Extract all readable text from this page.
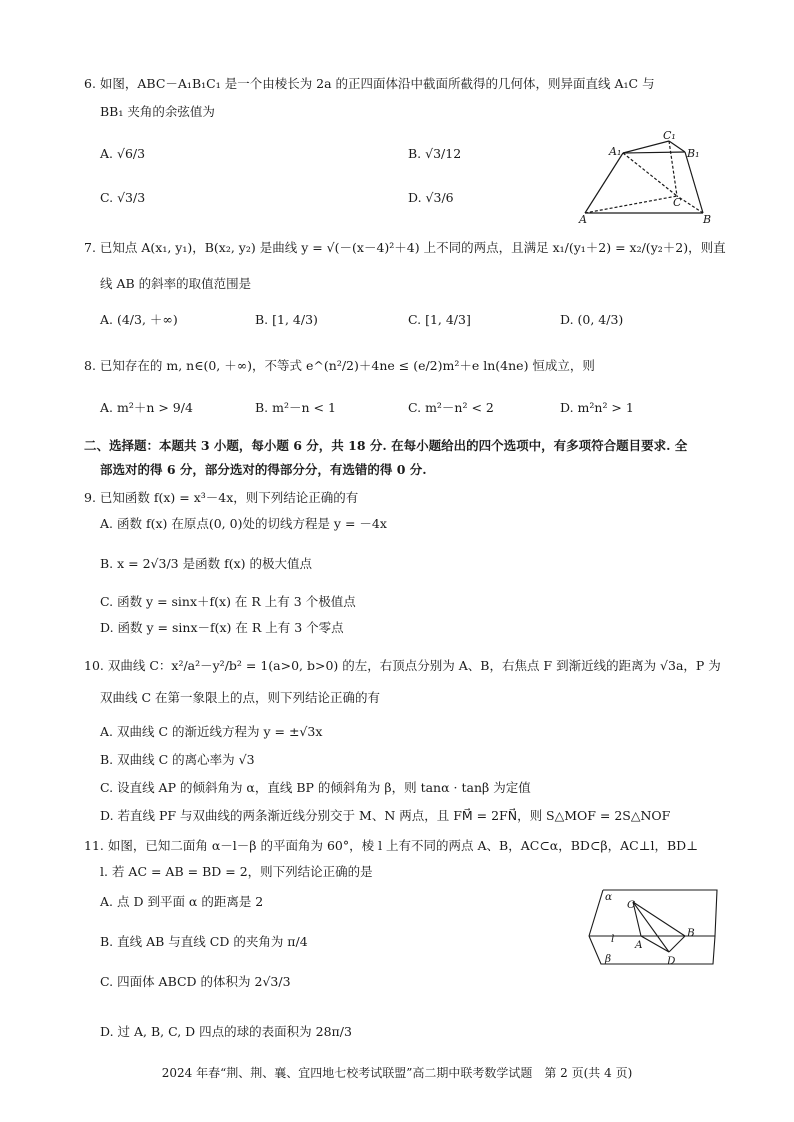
6. 如图，ABC－A₁B₁C₁ 是一个由棱长为 2a 的正四面体沿中截面所截得的几何体，则异面直线 A₁C 与
BB₁ 夹角的余弦值为
A. √6/3	B. √3/12
C. √3/3	D. √3/6
A₁
C₁
B₁
A	B
C
7. 已知点 A(x₁, y₁)，B(x₂, y₂) 是曲线 y = √(－(x－4)²＋4) 上不同的两点，且满足 x₁/(y₁＋2) = x₂/(y₂＋2)，则直
线 AB 的斜率的取值范围是
A. (4/3, ＋∞)	B. [1, 4/3)	C. [1, 4/3]	D. (0, 4/3)
8. 已知存在的 m, n∈(0, ＋∞)，不等式 e^(n²/2)＋4ne ≤ (e/2)m²＋e ln(4ne) 恒成立，则
A. m²＋n > 9/4	B. m²－n < 1	C. m²－n² < 2	D. m²n² > 1
二、选择题：本题共 3 小题，每小题 6 分，共 18 分. 在每小题给出的四个选项中，有多项符合题目要求. 全
部选对的得 6 分，部分选对的得部分分，有选错的得 0 分.
9. 已知函数 f(x) = x³－4x，则下列结论正确的有
A. 函数 f(x) 在原点(0, 0)处的切线方程是 y = －4x
B. x = 2√3/3 是函数 f(x) 的极大值点
C. 函数 y = sinx＋f(x) 在 R 上有 3 个极值点
D. 函数 y = sinx－f(x) 在 R 上有 3 个零点
10. 双曲线 C：x²/a²－y²/b² = 1(a>0, b>0) 的左，右顶点分别为 A、B，右焦点 F 到渐近线的距离为 √3a，P 为
双曲线 C 在第一象限上的点，则下列结论正确的有
A. 双曲线 C 的渐近线方程为 y = ±√3x
B. 双曲线 C 的离心率为 √3
C. 设直线 AP 的倾斜角为 α，直线 BP 的倾斜角为 β，则 tanα · tanβ 为定值
D. 若直线 PF 与双曲线的两条渐近线分别交于 M、N 两点，且 FM⃗ = 2FN⃗，则 S△MOF = 2S△NOF
11. 如图，已知二面角 α－l－β 的平面角为 60°，棱 l 上有不同的两点 A、B，AC⊂α，BD⊂β，AC⊥l，BD⊥
l. 若 AC = AB = BD = 2，则下列结论正确的是
A. 点 D 到平面 α 的距离是 2
B. 直线 AB 与直线 CD 的夹角为 π/4
C. 四面体 ABCD 的体积为 2√3/3
D. 过 A, B, C, D 四点的球的表面积为 28π/3
α
l
β
C
A
B
D
2024 年春“荆、荆、襄、宜四地七校考试联盟”高二期中联考数学试题　第 2 页(共 4 页)
